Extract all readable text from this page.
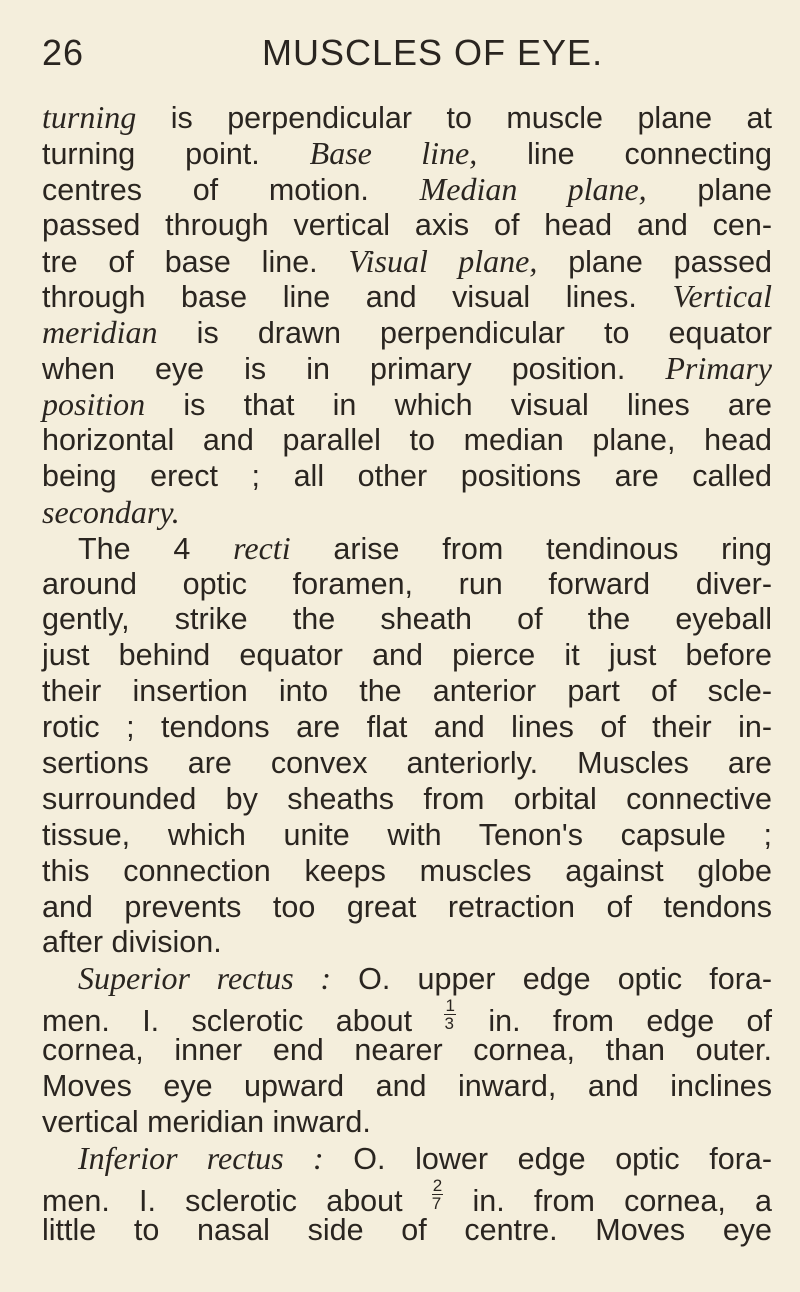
26	MUSCLES OF EYE.
turning is perpendicular to muscle plane at
turning point. Base line, line connecting
centres of motion. Median plane, plane
passed through vertical axis of head and cen-
tre of base line. Visual plane, plane passed
through base line and visual lines. Vertical
meridian is drawn perpendicular to equator
when eye is in primary position. Primary
position is that in which visual lines are
horizontal and parallel to median plane, head
being erect ; all other positions are called
secondary.
The 4 recti arise from tendinous ring
around optic foramen, run forward diver-
gently, strike the sheath of the eyeball
just behind equator and pierce it just before
their insertion into the anterior part of scle-
rotic ; tendons are flat and lines of their in-
sertions are convex anteriorly. Muscles are
surrounded by sheaths from orbital connective
tissue, which unite with Tenon's capsule ;
this connection keeps muscles against globe
and prevents too great retraction of tendons
after division.
Superior rectus : O. upper edge optic fora-
men. I. sclerotic about $\frac{1}{3}$ in. from edge of
cornea, inner end nearer cornea, than outer.
Moves eye upward and inward, and inclines
vertical meridian inward.
Inferior rectus : O. lower edge optic fora-
men. I. sclerotic about $\frac{2}{7}$ in. from cornea, a
little to nasal side of centre. Moves eye
